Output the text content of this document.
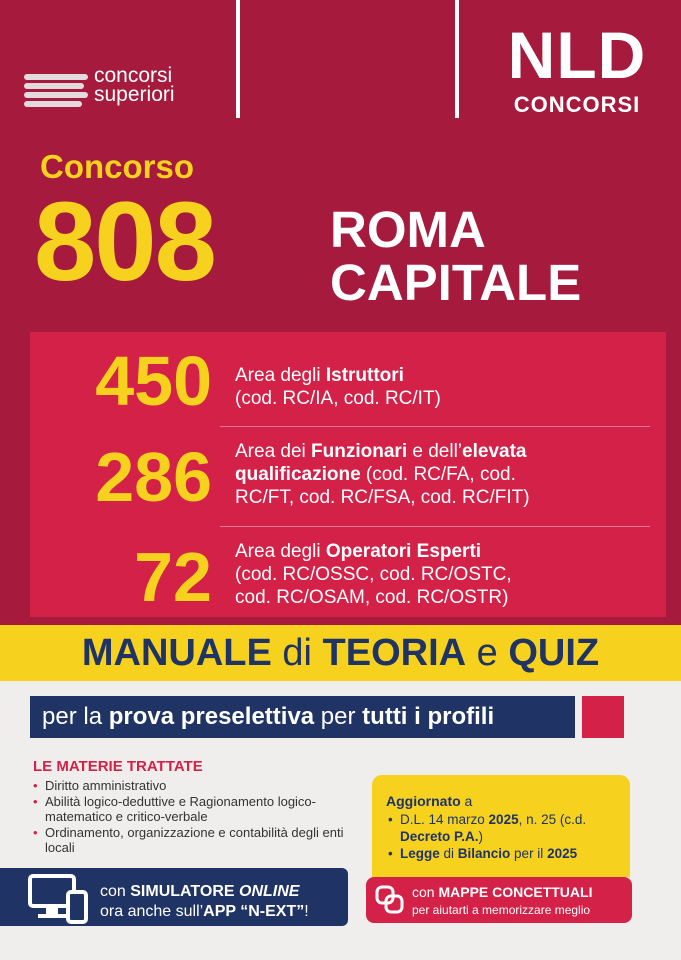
concorsi
superiori
NLD
CONCORSI
Concorso
808 ROMA
CAPITALE
450 Area degli Istruttori
(cod. RC/IA, cod. RC/IT)
286 Area dei Funzionari e dell’elevata
qualificazione (cod. RC/FA, cod.
RC/FT, cod. RC/FSA, cod. RC/FIT)
72 Area degli Operatori Esperti
(cod. RC/OSSC, cod. RC/OSTC,
cod. RC/OSAM, cod. RC/OSTR)
MANUALE di TEORIA e QUIZ
per la prova preselettiva per tutti i profili
LE MATERIE TRATTATE
• Diritto amministrativo
• Abilità logico-deduttive e Ragionamento logico-matematico e critico-verbale
• Ordinamento, organizzazione e contabilità degli enti locali
con SIMULATORE ONLINE
ora anche sull’APP “N-EXT”!
Aggiornato a
• D.L. 14 marzo 2025, n. 25 (c.d.
Decreto P.A.)
• Legge di Bilancio per il 2025
con MAPPE CONCETTUALI
per aiutarti a memorizzare meglio
